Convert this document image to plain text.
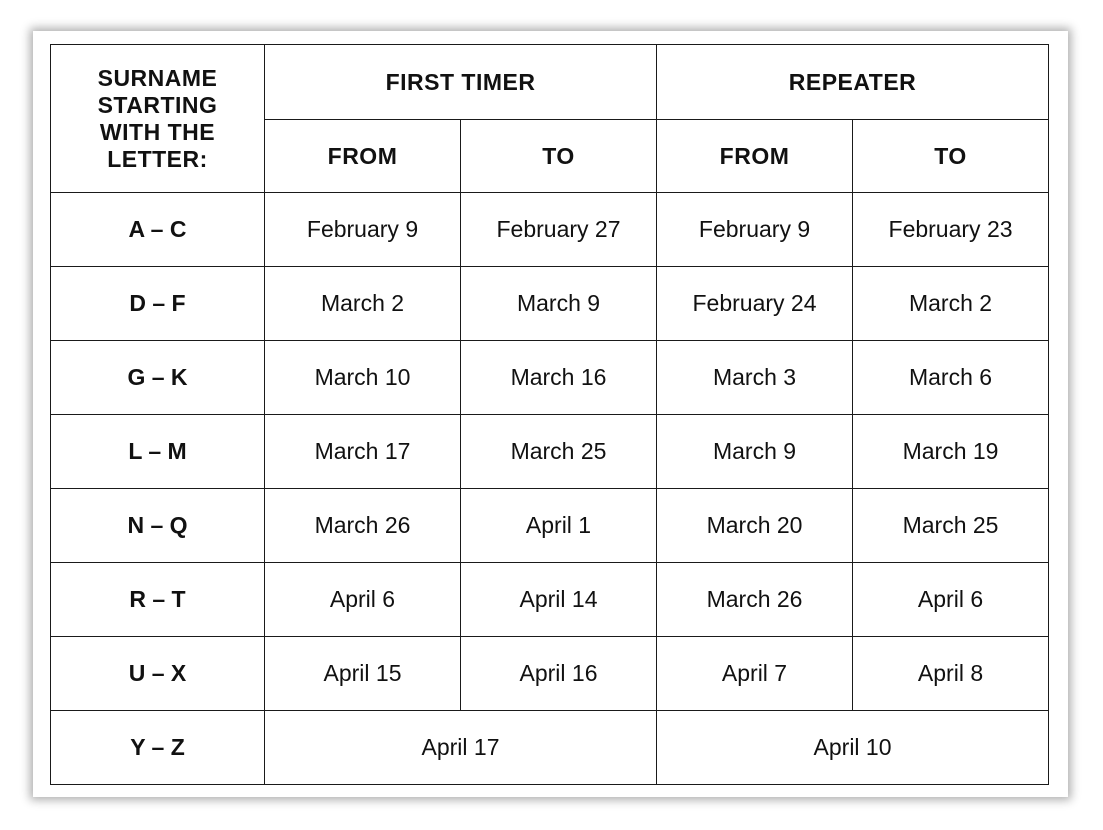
SURNAME
STARTING
WITH THE
LETTER:	FIRST TIMER		REPEATER	
	FROM	TO	FROM	TO
A – C	February 9	February 27	February 9	February 23
D – F	March 2	March 9	February 24	March 2
G – K	March 10	March 16	March 3	March 6
L – M	March 17	March 25	March 9	March 19
N – Q	March 26	April 1	March 20	March 25
R – T	April 6	April 14	March 26	April 6
U – X	April 15	April 16	April 7	April 8
Y – Z	April 17		April 10	
